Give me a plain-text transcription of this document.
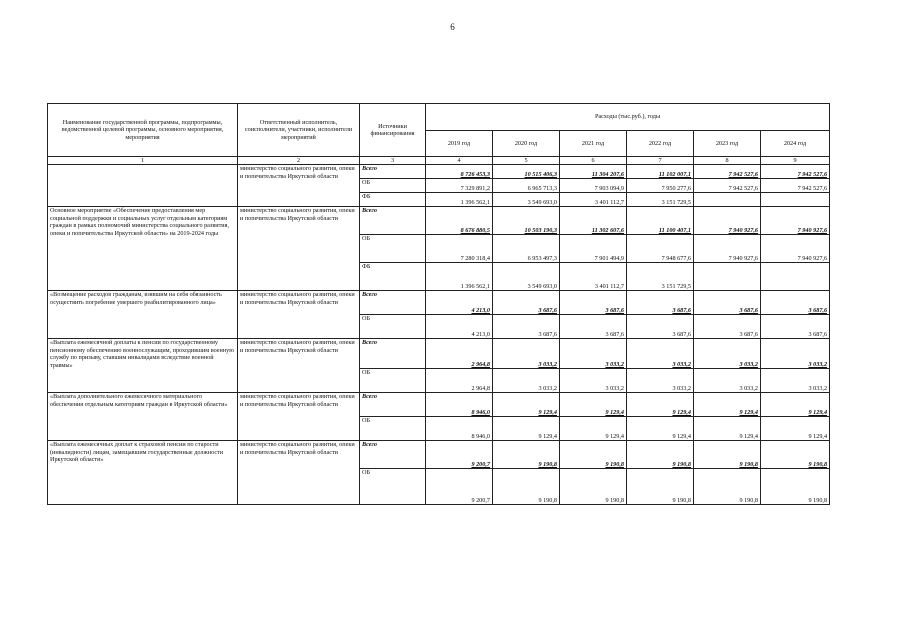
6
Наименование государственной программы, подпрограммы, ведомственной целевой программы, основного мероприятия, мероприятия	Ответственный исполнитель, соисполнители, участники, исполнители мероприятий	Источники финансирования	Расходы (тыс.руб.), годы					
			2019 год	2020 год	2021 год	2022 год	2023 год	2024 год
1	2	3	4	5	6	7	8	9
	министерство социального развития, опеки и попечительства Иркутской области	Всего	8 726 453,3	10 515 406,3	11 304 207,6	11 102 007,1	7 942 527,6	7 942 527,6
		ОБ	7 329 891,2	6 965 713,3	7 903 094,9	7 950 277,6	7 942 527,6	7 942 527,6
		ФБ	1 396 562,1	3 549 693,0	3 401 112,7	3 151 729,5		
Основное мероприятие «Обеспечение предоставления мер социальной поддержки и социальных услуг отдельным категориям граждан в рамках полномочий министерства социального развития, опеки и попечительства Иркутской области» на 2019-2024 годы	министерство социального развития, опеки и попечительства Иркутской области	Всего	8 676 880,5	10 503 190,3	11 302 607,6	11 100 407,1	7 940 927,6	7 940 927,6
		ОБ	7 280 318,4	6 953 497,3	7 901 494,9	7 948 677,6	7 940 927,6	7 940 927,6
		ФБ	1 396 562,1	3 549 693,0	3 401 112,7	3 151 729,5		
«Возмещение расходов гражданам, взявшим на себя обязанность осуществить погребение умершего реабилитированного лица»	министерство социального развития, опеки и попечительства Иркутской области	Всего	4 213,0	3 687,6	3 687,6	3 687,6	3 687,6	3 687,6
		ОБ	4 213,0	3 687,6	3 687,6	3 687,6	3 687,6	3 687,6
«Выплата ежемесячной доплаты к пенсии по государственному пенсионному обеспечению военнослужащим, проходившим военную службу по призыву, ставшим инвалидами вследствие военной травмы»	министерство социального развития, опеки и попечительства Иркутской области	Всего	2 964,8	3 033,2	3 033,2	3 033,2	3 033,2	3 033,2
		ОБ	2 964,8	3 033,2	3 033,2	3 033,2	3 033,2	3 033,2
«Выплата дополнительного ежемесячного материального обеспечения отдельным категориям граждан в Иркутской области»	министерство социального развития, опеки и попечительства Иркутской области	Всего	8 946,0	9 129,4	9 129,4	9 129,4	9 129,4	9 129,4
		ОБ	8 946,0	9 129,4	9 129,4	9 129,4	9 129,4	9 129,4
«Выплата ежемесячных доплат к страховой пенсии по старости (инвалидности) лицам, замещавшим государственные должности Иркутской области»	министерство социального развития, опеки и попечительства Иркутской области	Всего	9 200,7	9 190,8	9 190,8	9 190,8	9 190,8	9 190,8
		ОБ	9 200,7	9 190,8	9 190,8	9 190,8	9 190,8	9 190,8
